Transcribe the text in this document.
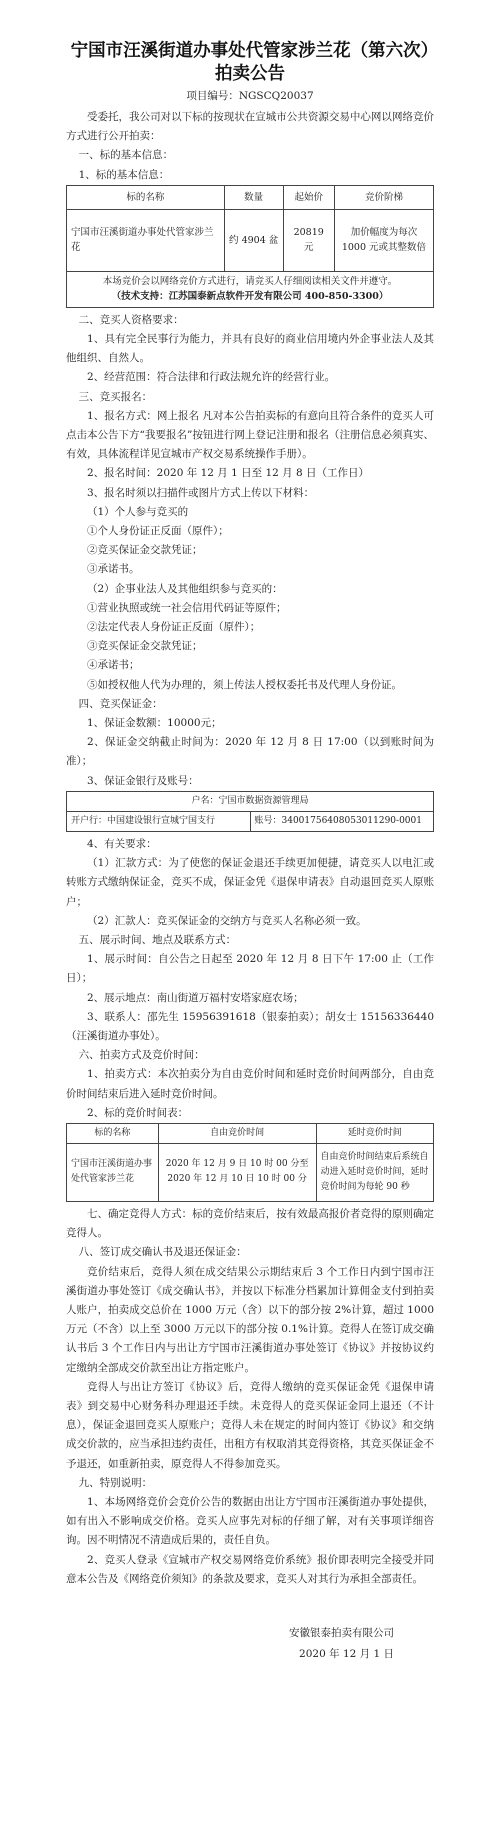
宁国市汪溪街道办事处代管家涉兰花（第六次）拍卖公告
项目编号：NGSCQ20037

受委托，我公司对以下标的按现状在宣城市公共资源交易中心网以网络竞价方式进行公开拍卖：

一、标的基本信息：

1、标的基本信息：

标的名称	数量	起始价	竞价阶梯
宁国市汪溪街道办事处代管家涉兰花	约 4904 盆	20819 元	加价幅度为每次 1000 元或其整数倍

本场竞价会以网络竞价方式进行，请竞买人仔细阅读相关文件并遵守。
（技术支持：江苏国泰新点软件开发有限公司 400-850-3300）			

二、竞买人资格要求：

1、具有完全民事行为能力，并具有良好的商业信用境内外企事业法人及其他组织、自然人。

2、经营范围：符合法律和行政法规允许的经营行业。

三、竞买报名：

1、报名方式：网上报名 凡对本公告拍卖标的有意向且符合条件的竞买人可点击本公告下方“我要报名”按钮进行网上登记注册和报名（注册信息必须真实、有效，具体流程详见宣城市产权交易系统操作手册）。

2、报名时间：2020 年 12 月 1 日至 12 月 8 日（工作日）

3、报名时须以扫描件或图片方式上传以下材料：

（1）个人参与竞买的

①个人身份证正反面（原件）；

②竞买保证金交款凭证；

③承诺书。

（2）企事业法人及其他组织参与竞买的：

①营业执照或统一社会信用代码证等原件；

②法定代表人身份证正反面（原件）；

③竞买保证金交款凭证；

④承诺书；

⑤如授权他人代为办理的，须上传法人授权委托书及代理人身份证。

四、竞买保证金：

1、保证金数额：10000元；

2、保证金交纳截止时间为：2020 年 12 月 8 日 17:00（以到账时间为准）；

3、保证金银行及账号：

户名：宁国市数据资源管理局
开户行：中国建设银行宣城宁国支行	账号：34001756408053011290-0001

4、有关要求：

（1）汇款方式：为了使您的保证金退还手续更加便捷，请竞买人以电汇或转账方式缴纳保证金，竞买不成，保证金凭《退保申请表》自动退回竞买人原账户；

（2）汇款人：竞买保证金的交纳方与竞买人名称必须一致。

五、展示时间、地点及联系方式：

1、展示时间：自公告之日起至 2020 年 12 月 8 日下午 17:00 止（工作日）；

2、展示地点：南山街道万福村安塔家庭农场；

3、联系人：邵先生 15956391618（银泰拍卖）；胡女士 15156336440（汪溪街道办事处）。

六、拍卖方式及竞价时间：

1、拍卖方式：本次拍卖分为自由竞价时间和延时竞价时间两部分，自由竞价时间结束后进入延时竞价时间。

2、标的竞价时间表：

标的名称	自由竞价时间	延时竞价时间
宁国市汪溪街道办事处代管家涉兰花	2020 年 12 月 9 日 10 时 00 分至 2020 年 12 月 10 日 10 时 00 分	自由竞价时间结束后系统自动进入延时竞价时间，延时竞价时间为每轮 90 秒

七、确定竞得人方式：标的竞价结束后，按有效最高报价者竞得的原则确定竞得人。

八、签订成交确认书及退还保证金：

竞价结束后，竞得人须在成交结果公示期结束后 3 个工作日内到宁国市汪溪街道办事处签订《成交确认书》，并按以下标准分档累加计算佣金支付到拍卖人账户，拍卖成交总价在 1000 万元（含）以下的部分按 2%计算，超过 1000 万元（不含）以上至 3000 万元以下的部分按 0.1%计算。竞得人在签订成交确认书后 3 个工作日内与出让方宁国市汪溪街道办事处签订《协议》并按协议约定缴纳全部成交价款至出让方指定账户。

竞得人与出让方签订《协议》后，竞得人缴纳的竞买保证金凭《退保申请表》到交易中心财务科办理退还手续。未竞得人的竞买保证金同上退还（不计息），保证金退回竞买人原账户；竞得人未在规定的时间内签订《协议》和交纳成交价款的，应当承担违约责任，出租方有权取消其竞得资格，其竞买保证金不予退还，如重新拍卖，原竞得人不得参加竞买。

九、特别说明：

1、本场网络竞价会竞价公告的数据由出让方宁国市汪溪街道办事处提供，如有出入不影响成交价格。竞买人应事先对标的仔细了解，对有关事项详细咨询。因不明情况不清造成后果的，责任自负。

2、竞买人登录《宣城市产权交易网络竞价系统》报价即表明完全接受并同意本公告及《网络竞价须知》的条款及要求，竞买人对其行为承担全部责任。

安徽银泰拍卖有限公司
2020 年 12 月 1 日
